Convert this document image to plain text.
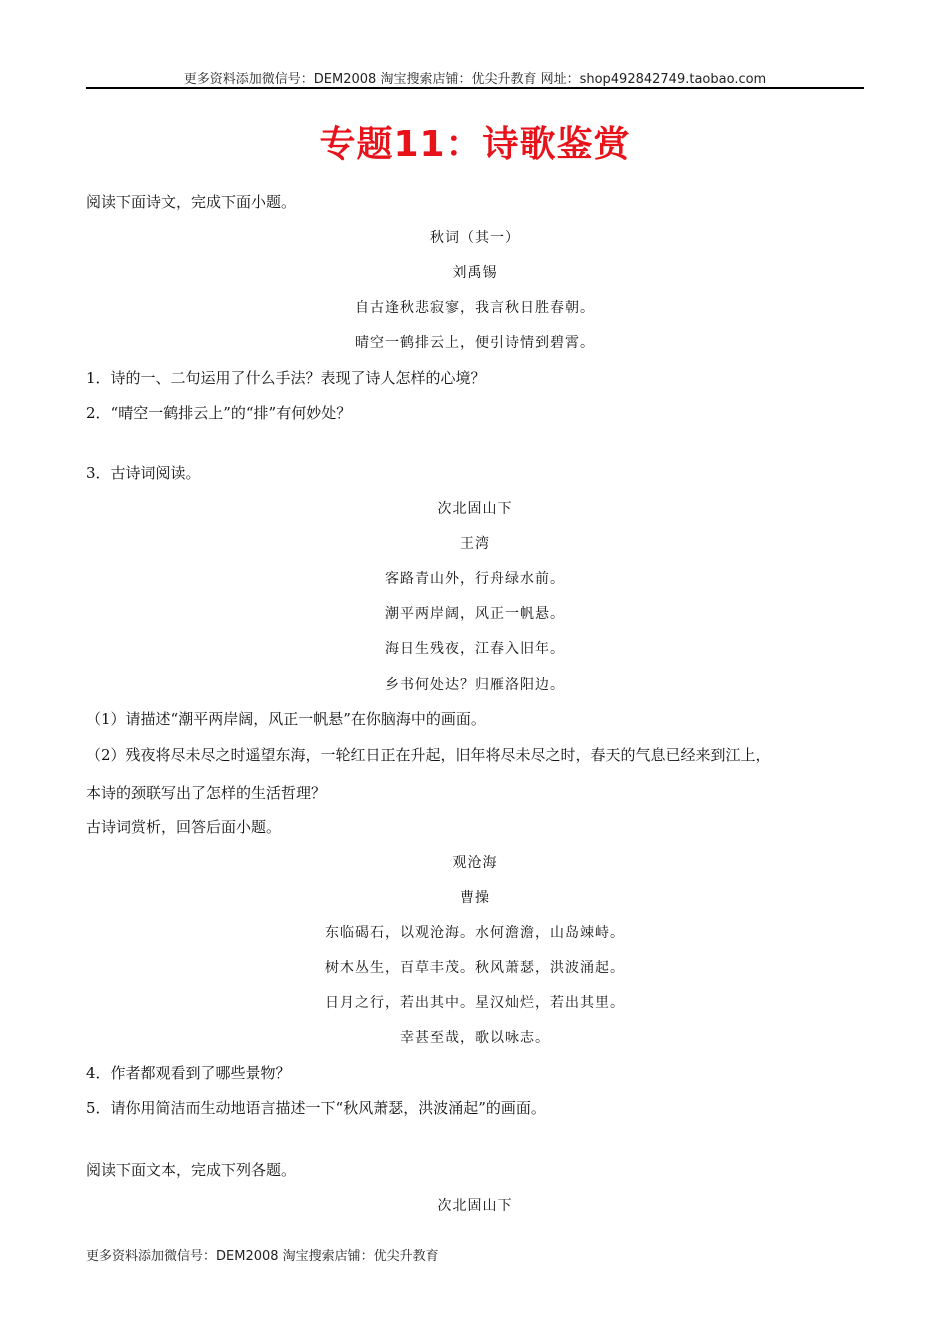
更多资料添加微信号：DEM2008 淘宝搜索店铺：优尖升教育 网址：shop492842749.taobao.com
专题11：诗歌鉴赏
阅读下面诗文，完成下面小题。
秋词（其一）
刘禹锡
自古逢秋悲寂寥，我言秋日胜春朝。
晴空一鹤排云上，便引诗情到碧霄。
1．诗的一、二句运用了什么手法？表现了诗人怎样的心境？
2．“晴空一鹤排云上”的“排”有何妙处？
3．古诗词阅读。
次北固山下
王湾
客路青山外，行舟绿水前。
潮平两岸阔，风正一帆悬。
海日生残夜，江春入旧年。
乡书何处达？归雁洛阳边。
（1）请描述“潮平两岸阔，风正一帆悬”在你脑海中的画面。
（2）残夜将尽未尽之时遥望东海，一轮红日正在升起，旧年将尽未尽之时，春天的气息已经来到江上，
本诗的颈联写出了怎样的生活哲理？
古诗词赏析，回答后面小题。
观沧海
曹操
东临碣石，以观沧海。水何澹澹，山岛竦峙。
树木丛生，百草丰茂。秋风萧瑟，洪波涌起。
日月之行，若出其中。星汉灿烂，若出其里。
幸甚至哉，歌以咏志。
4．作者都观看到了哪些景物？
5．请你用简洁而生动地语言描述一下“秋风萧瑟，洪波涌起”的画面。
阅读下面文本，完成下列各题。
次北固山下
更多资料添加微信号：DEM2008 淘宝搜索店铺：优尖升教育
